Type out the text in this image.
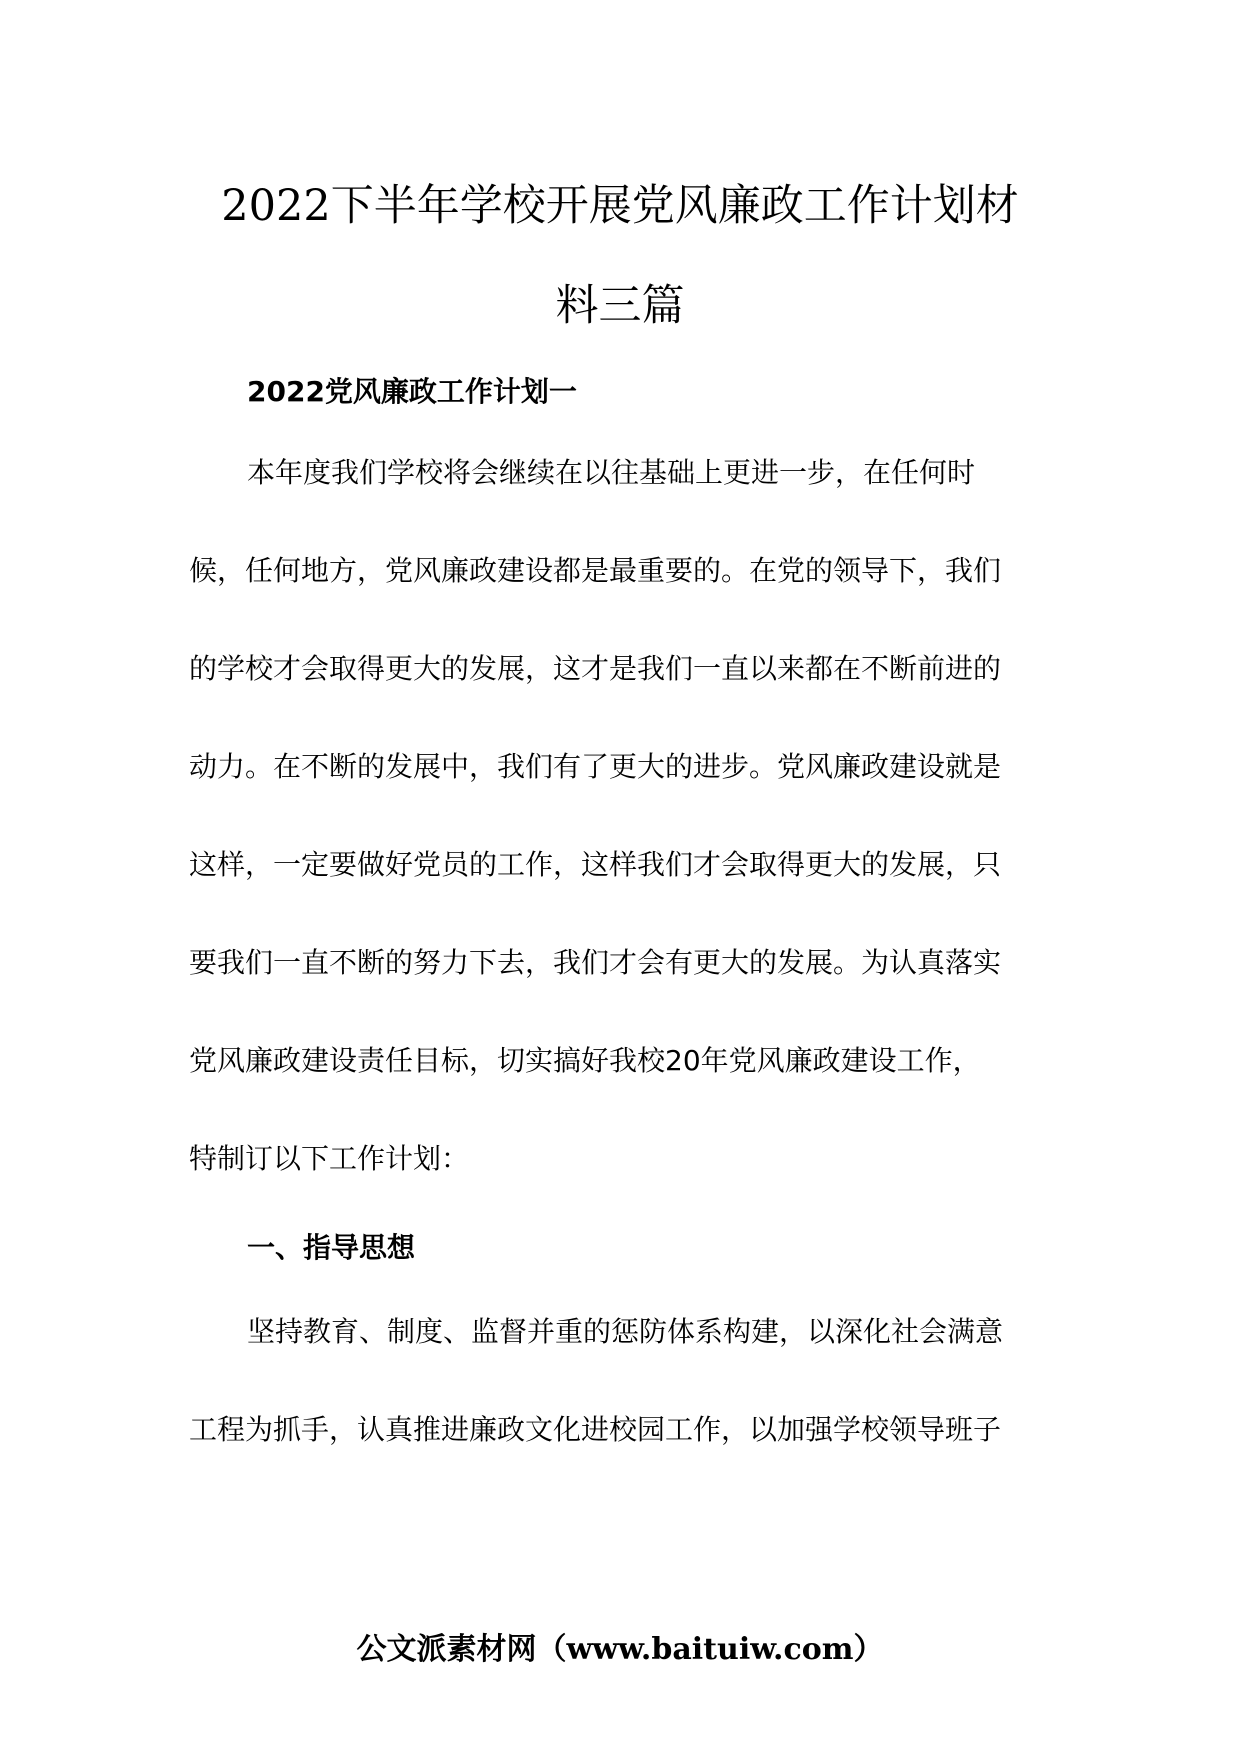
2022下半年学校开展党风廉政工作计划材
料三篇
2022党风廉政工作计划一
本年度我们学校将会继续在以往基础上更进一步，在任何时
候，任何地方，党风廉政建设都是最重要的。在党的领导下，我们
的学校才会取得更大的发展，这才是我们一直以来都在不断前进的
动力。在不断的发展中，我们有了更大的进步。党风廉政建设就是
这样，一定要做好党员的工作，这样我们才会取得更大的发展，只
要我们一直不断的努力下去，我们才会有更大的发展。为认真落实
党风廉政建设责任目标，切实搞好我校20年党风廉政建设工作，
特制订以下工作计划：
一、指导思想
坚持教育、制度、监督并重的惩防体系构建，以深化社会满意
工程为抓手，认真推进廉政文化进校园工作，以加强学校领导班子
公文派素材网（www.baituiw.com）
